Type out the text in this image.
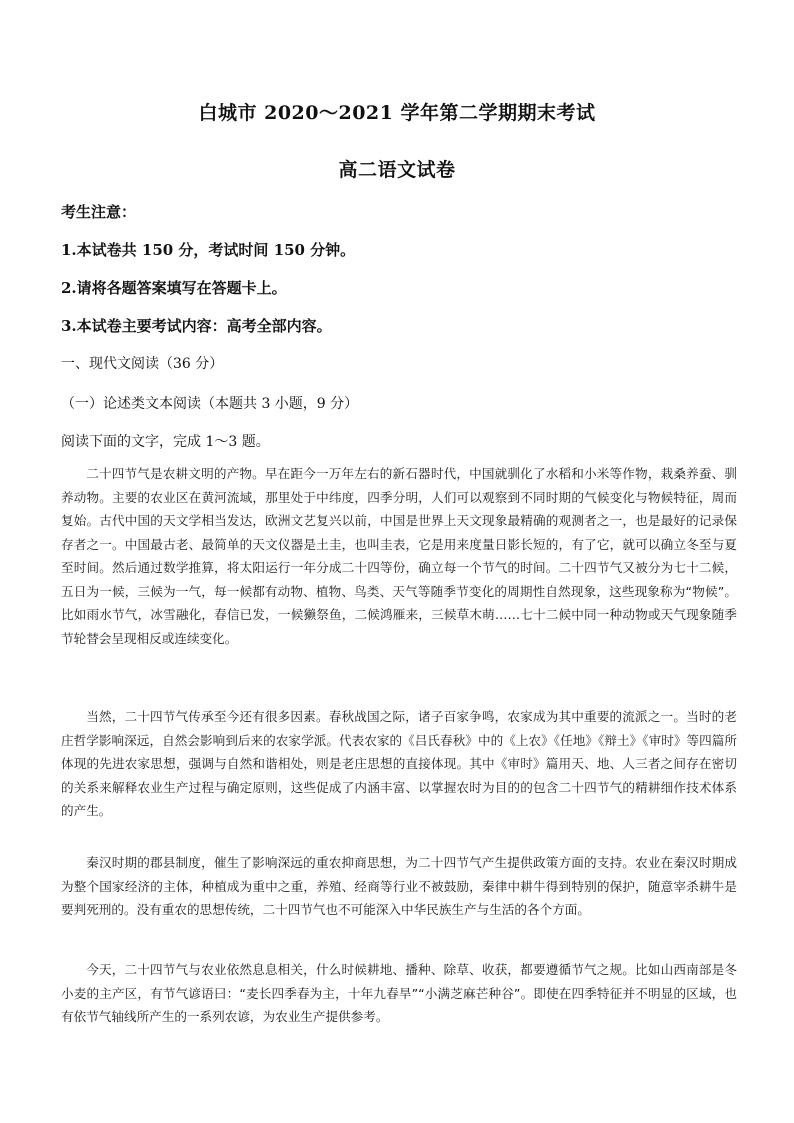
白城市 2020～2021 学年第二学期期末考试
高二语文试卷
考生注意：
1.本试卷共 150 分，考试时间 150 分钟。
2.请将各题答案填写在答题卡上。
3.本试卷主要考试内容：高考全部内容。
一、现代文阅读（36 分）
（一）论述类文本阅读（本题共 3 小题，9 分）
阅读下面的文字，完成 1～3 题。

二十四节气是农耕文明的产物。早在距今一万年左右的新石器时代，中国就驯化了水稻和小米等作物，栽桑养蚕、驯养动物。主要的农业区在黄河流域，那里处于中纬度，四季分明，人们可以观察到不同时期的气候变化与物候特征，周而复始。古代中国的天文学相当发达，欧洲文艺复兴以前，中国是世界上天文现象最精确的观测者之一，也是最好的记录保存者之一。中国最古老、最简单的天文仪器是土圭，也叫圭表，它是用来度量日影长短的，有了它，就可以确立冬至与夏至时间。然后通过数学推算，将太阳运行一年分成二十四等份，确立每一个节气的时间。二十四节气又被分为七十二候，五日为一候，三候为一气，每一候都有动物、植物、鸟类、天气等随季节变化的周期性自然现象，这些现象称为“物候”。比如雨水节气，冰雪融化，春信已发，一候獭祭鱼，二候鸿雁来，三候草木萌……七十二候中同一种动物或天气现象随季节轮替会呈现相反或连续变化。

当然，二十四节气传承至今还有很多因素。春秋战国之际，诸子百家争鸣，农家成为其中重要的流派之一。当时的老庄哲学影响深远，自然会影响到后来的农家学派。代表农家的《吕氏春秋》中的《上农》《任地》《辩土》《审时》等四篇所体现的先进农家思想，强调与自然和谐相处，则是老庄思想的直接体现。其中《审时》篇用天、地、人三者之间存在密切的关系来解释农业生产过程与确定原则，这些促成了内涵丰富、以掌握农时为目的的包含二十四节气的精耕细作技术体系的产生。

秦汉时期的郡县制度，催生了影响深远的重农抑商思想，为二十四节气产生提供政策方面的支持。农业在秦汉时期成为整个国家经济的主体，种植成为重中之重，养殖、经商等行业不被鼓励，秦律中耕牛得到特别的保护，随意宰杀耕牛是要判死刑的。没有重农的思想传统，二十四节气也不可能深入中华民族生产与生活的各个方面。

今天，二十四节气与农业依然息息相关，什么时候耕地、播种、除草、收获，都要遵循节气之规。比如山西南部是冬小麦的主产区，有节气谚语曰：“麦长四季春为主，十年九春旱”“小满芝麻芒种谷”。即使在四季特征并不明显的区域，也有依节气轴线所产生的一系列农谚，为农业生产提供参考。
